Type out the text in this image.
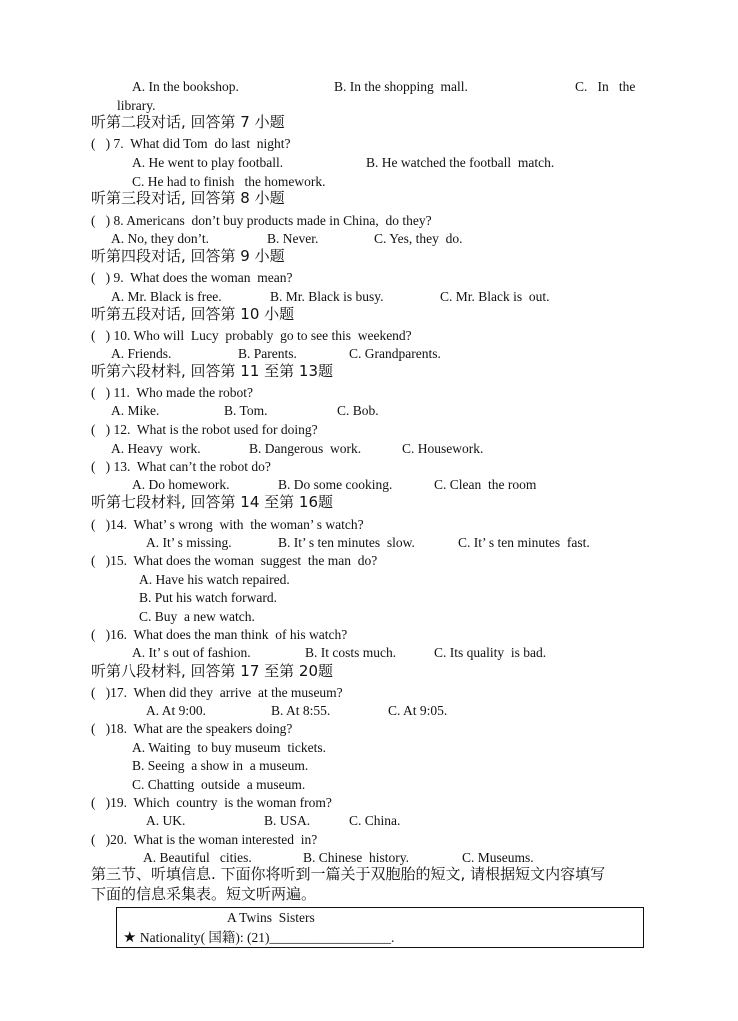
A. In the bookshop.	B. In the shopping  mall.	C.   In   the
library.
听第二段对话, 回答第 7 小题
(   ) 7.  What did Tom  do last  night?
A. He went to play football.	B. He watched the football  match.
C. He had to finish   the homework.
听第三段对话, 回答第 8 小题
(   ) 8. Americans  don’t buy products made in China,  do they?
A. No, they don’t.	B. Never.	C. Yes, they  do.
听第四段对话, 回答第 9 小题
(   ) 9.  What does the woman  mean?
A. Mr. Black is free.	B. Mr. Black is busy.	C. Mr. Black is  out.
听第五段对话, 回答第 10 小题
(   ) 10. Who will  Lucy  probably  go to see this  weekend?
A. Friends.	B. Parents.	C. Grandparents.
听第六段材料, 回答第 11 至第 13题
(   ) 11.  Who made the robot?
A. Mike.	B. Tom.	C. Bob.
(   ) 12.  What is the robot used for doing?
A. Heavy  work.	B. Dangerous  work.	C. Housework.
(   ) 13.  What can’t the robot do?
A. Do homework.	B. Do some cooking.	C. Clean  the room
听第七段材料, 回答第 14 至第 16题
(   )14.  What’ s wrong  with  the woman’ s watch?
A. It’ s missing.	B. It’ s ten minutes  slow.	C. It’ s ten minutes  fast.
(   )15.  What does the woman  suggest  the man  do?
A. Have his watch repaired.
B. Put his watch forward.
C. Buy  a new watch.
(   )16.  What does the man think  of his watch?
A. It’ s out of fashion.	B. It costs much.	C. Its quality  is bad.
听第八段材料, 回答第 17 至第 20题
(   )17.  When did they  arrive  at the museum?
A. At 9:00.	B. At 8:55.	C. At 9:05.
(   )18.  What are the speakers doing?
A. Waiting  to buy museum  tickets.
B. Seeing  a show in  a museum.
C. Chatting  outside  a museum.
(   )19.  Which  country  is the woman from?
A. UK.	B. USA.	C. China.
(   )20.  What is the woman interested  in?
A. Beautiful   cities.	B. Chinese  history.	C. Museums.
第三节、听填信息. 下面你将听到一篇关于双胞胎的短文, 请根据短文内容填写
下面的信息采集表。短文听两遍。
A Twins  Sisters
★ Nationality( 国籍): (21)__________________.
